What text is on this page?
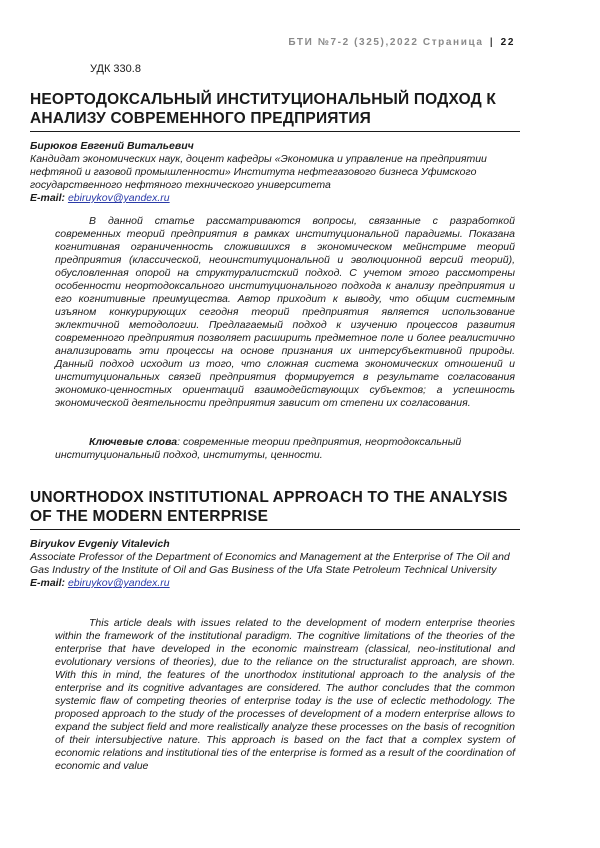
БТИ №7-2 (325),2022 Страница | 22
УДК 330.8
НЕОРТОДОКСАЛЬНЫЙ ИНСТИТУЦИОНАЛЬНЫЙ ПОДХОД К АНАЛИЗУ СОВРЕМЕННОГО ПРЕДПРИЯТИЯ
Бирюков Евгений Витальевич
Кандидат экономических наук, доцент кафедры «Экономика и управление на предприятии нефтяной и газовой промышленности» Института нефтегазового бизнеса Уфимского государственного нефтяного технического университета
E-mail: ebiruykov@yandex.ru
В данной статье рассматриваются вопросы, связанные с разработкой современных теорий предприятия в рамках институциональной парадигмы. Показана когнитивная ограниченность сложившихся в экономическом мейнстриме теорий предприятия (классической, неоинституциональной и эволюционной версий теорий), обусловленная опорой на структуралистский подход. С учетом этого рассмотрены особенности неортодоксального институционального подхода к анализу предприятия и его когнитивные преимущества. Автор приходит к выводу, что общим системным изъяном конкурирующих сегодня теорий предприятия является использование эклектичной методологии. Предлагаемый подход к изучению процессов развития современного предприятия позволяет расширить предметное поле и более реалистично анализировать эти процессы на основе признания их интерсубъективной природы. Данный подход исходит из того, что сложная система экономических отношений и институциональных связей предприятия формируется в результате согласования экономико-ценностных ориентаций взаимодействующих субъектов; а успешность экономической деятельности предприятия зависит от степени их согласования.
Ключевые слова: современные теории предприятия, неортодоксальный институциональный подход, институты, ценности.
UNORTHODOX INSTITUTIONAL APPROACH TO THE ANALYSIS OF THE MODERN ENTERPRISE
Biryukov Evgeniy Vitalevich
Associate Professor of the Department of Economics and Management at the Enterprise of The Oil and Gas Industry of the Institute of Oil and Gas Business of the Ufa State Petroleum Technical University
E-mail: ebiruykov@yandex.ru
This article deals with issues related to the development of modern enterprise theories within the framework of the institutional paradigm. The cognitive limitations of the theories of the enterprise that have developed in the economic mainstream (classical, neo-institutional and evolutionary versions of theories), due to the reliance on the structuralist approach, are shown. With this in mind, the features of the unorthodox institutional approach to the analysis of the enterprise and its cognitive advantages are considered. The author concludes that the common systemic flaw of competing theories of enterprise today is the use of eclectic methodology. The proposed approach to the study of the processes of development of a modern enterprise allows to expand the subject field and more realistically analyze these processes on the basis of recognition of their intersubjective nature. This approach is based on the fact that a complex system of economic relations and institutional ties of the enterprise is formed as a result of the coordination of economic and value
